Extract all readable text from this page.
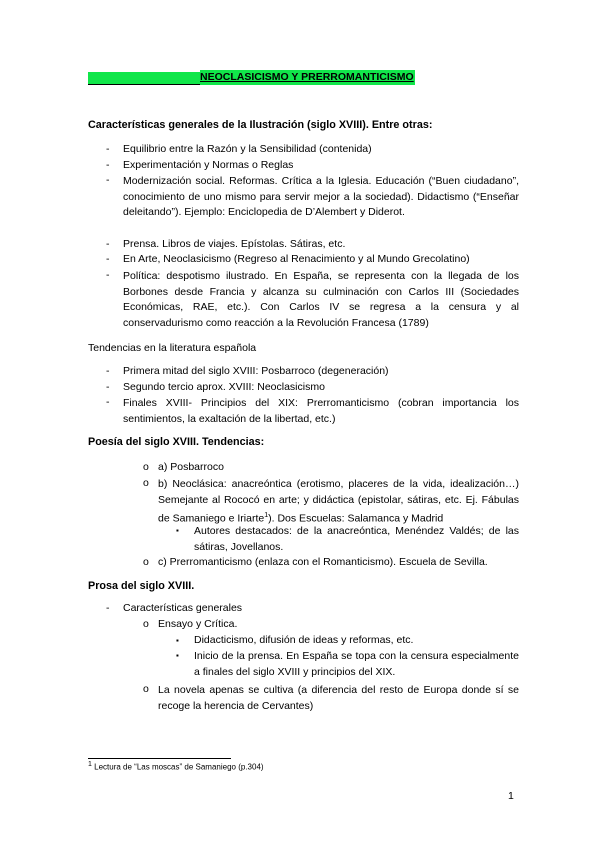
NEOCLASICISMO Y PRERROMANTICISMO
Características generales de la Ilustración (siglo XVIII). Entre otras:
- Equilibrio entre la Razón y la Sensibilidad (contenida)
- Experimentación y Normas o Reglas
- Modernización social. Reformas. Crítica a la Iglesia. Educación (“Buen ciudadano”, conocimiento de uno mismo para servir mejor a la sociedad). Didactismo (“Enseñar deleitando”). Ejemplo: Enciclopedia de D’Alembert y Diderot.
- Prensa. Libros de viajes. Epístolas. Sátiras, etc.
- En Arte, Neoclasicismo (Regreso al Renacimiento y al Mundo Grecolatino)
- Política: despotismo ilustrado. En España, se representa con la llegada de los Borbones desde Francia y alcanza su culminación con Carlos III (Sociedades Económicas, RAE, etc.). Con Carlos IV se regresa a la censura y al conservadurismo como reacción a la Revolución Francesa (1789)
Tendencias en la literatura española
- Primera mitad del siglo XVIII: Posbarroco (degeneración)
- Segundo tercio aprox. XVIII: Neoclasicismo
- Finales XVIII- Principios del XIX: Prerromanticismo (cobran importancia los sentimientos, la exaltación de la libertad, etc.)
Poesía del siglo XVIII. Tendencias:
o a) Posbarroco
o b) Neoclásica: anacreóntica (erotismo, placeres de la vida, idealización…) Semejante al Rococó en arte; y didáctica (epistolar, sátiras, etc. Ej. Fábulas de Samaniego e Iriarte$^1$). Dos Escuelas: Salamanca y Madrid
▪ Autores destacados: de la anacreóntica, Menéndez Valdés; de las sátiras, Jovellanos.
o c) Prerromanticismo (enlaza con el Romanticismo). Escuela de Sevilla.
Prosa del siglo XVIII.
- Características generales
o Ensayo y Crítica.
▪ Didacticismo, difusión de ideas y reformas, etc.
▪ Inicio de la prensa. En España se topa con la censura especialmente a finales del siglo XVIII y principios del XIX.
o La novela apenas se cultiva (a diferencia del resto de Europa donde sí se recoge la herencia de Cervantes)
$^1$ Lectura de “Las moscas” de Samaniego (p.304)
1
